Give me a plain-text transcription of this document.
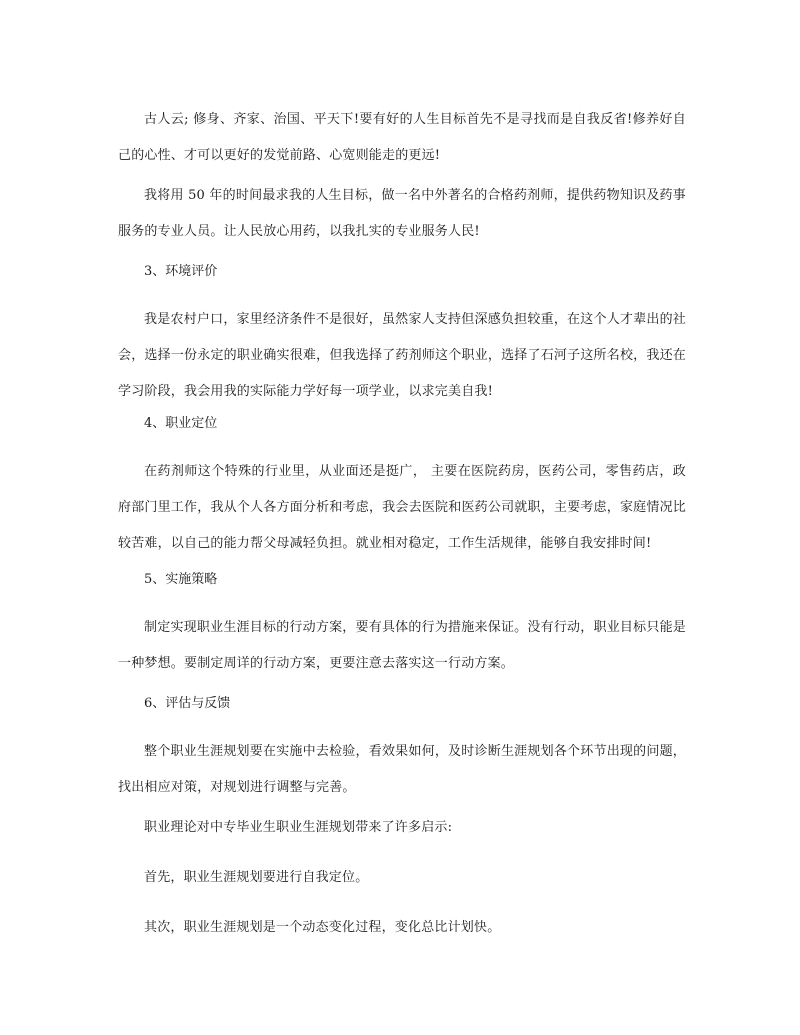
古人云; 修身、齐家、治国、平天下!要有好的人生目标首先不是寻找而是自我反省!修养好自己的心性、才可以更好的发觉前路、心宽则能走的更远!

我将用 50 年的时间最求我的人生目标，做一名中外著名的合格药剂师，提供药物知识及药事服务的专业人员。让人民放心用药，以我扎实的专业服务人民!

3、环境评价

我是农村户口，家里经济条件不是很好，虽然家人支持但深感负担较重，在这个人才辈出的社会，选择一份永定的职业确实很难，但我选择了药剂师这个职业，选择了石河子这所名校，我还在学习阶段，我会用我的实际能力学好每一项学业，以求完美自我!

4、职业定位

在药剂师这个特殊的行业里，从业面还是挺广， 主要在医院药房，医药公司，零售药店，政府部门里工作，我从个人各方面分析和考虑，我会去医院和医药公司就职，主要考虑，家庭情况比较苦难，以自己的能力帮父母减轻负担。就业相对稳定，工作生活规律，能够自我安排时间!

5、实施策略

制定实现职业生涯目标的行动方案，要有具体的行为措施来保证。没有行动，职业目标只能是一种梦想。要制定周详的行动方案，更要注意去落实这一行动方案。

6、评估与反馈

整个职业生涯规划要在实施中去检验，看效果如何，及时诊断生涯规划各个环节出现的问题，找出相应对策，对规划进行调整与完善。

职业理论对中专毕业生职业生涯规划带来了许多启示:

首先，职业生涯规划要进行自我定位。

其次，职业生涯规划是一个动态变化过程，变化总比计划快。
